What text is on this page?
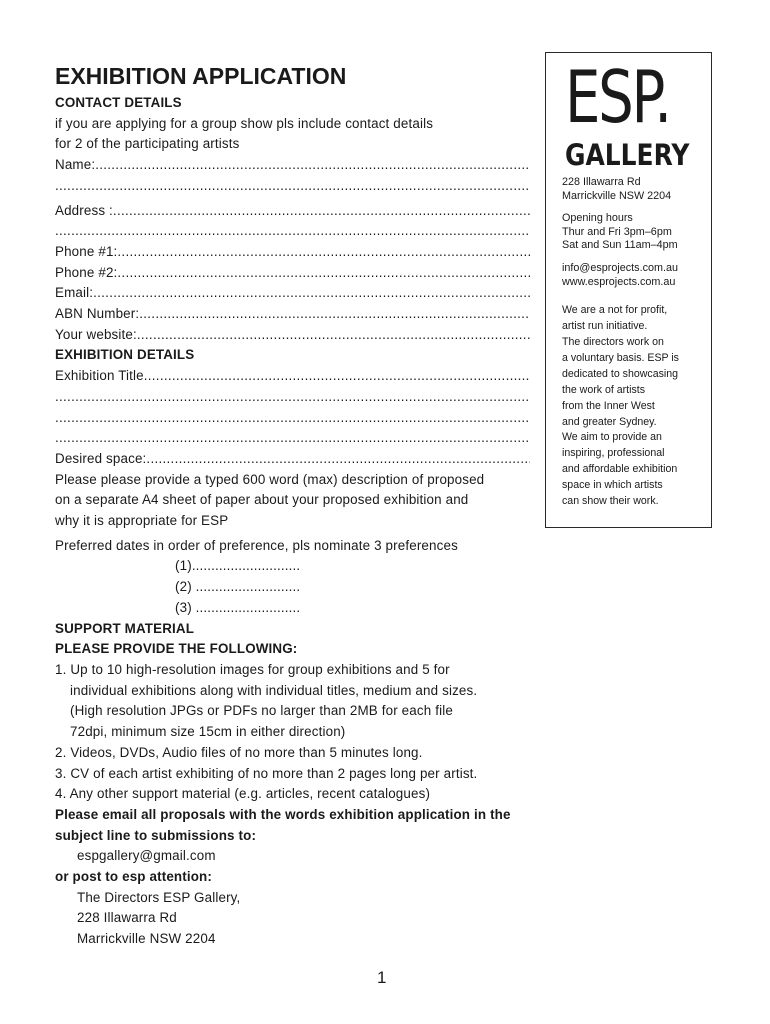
EXHIBITION APPLICATION
CONTACT DETAILS
if you are applying for a group show pls include contact details
for 2 of the participating artists
Name:
.....
.....
Address :
.....
.....
Phone #1:
.....
Phone #2:
.....
Email:
.....
ABN Number:
.....
Your website:
.....
EXHIBITION DETAILS
Exhibition Title
.....
.....
.....
.....
Desired space:
.....
Please please provide a typed 600 word (max) description of proposed
on a separate A4 sheet of paper about your proposed exhibition and
why it is appropriate for ESP
Preferred dates in order of preference, pls nominate 3 preferences
(1)............................
(2) ...........................
(3) ...........................
SUPPORT MATERIAL
PLEASE PROVIDE THE FOLLOWING:
1. Up to 10 high-resolution images for group exhibitions and 5 for
individual exhibitions along with individual titles, medium and sizes.
(High resolution JPGs or PDFs no larger than 2MB for each file
72dpi, minimum size 15cm in either direction)
2. Videos, DVDs, Audio files of no more than 5 minutes long.
3. CV of each artist exhibiting of no more than 2 pages long per artist.
4. Any other support material (e.g. articles, recent catalogues)
Please email all proposals with the words exhibition application in the
subject line to submissions to:
espgallery@gmail.com
or post to esp attention:
The Directors ESP Gallery,
228 Illawarra Rd
Marrickville NSW 2204
ESP.
GALLERY
228 Illawarra Rd
Marrickville NSW 2204
Opening hours
Thur and Fri 3pm–6pm
Sat and Sun 11am–4pm
info@esprojects.com.au
www.esprojects.com.au
We are a not for profit,
artist run initiative.
The directors work on
a voluntary basis. ESP is
dedicated to showcasing
the work of artists
from the Inner West
and greater Sydney.
We aim to provide an
inspiring, professional
and affordable exhibition
space in which artists
can show their work.
1
